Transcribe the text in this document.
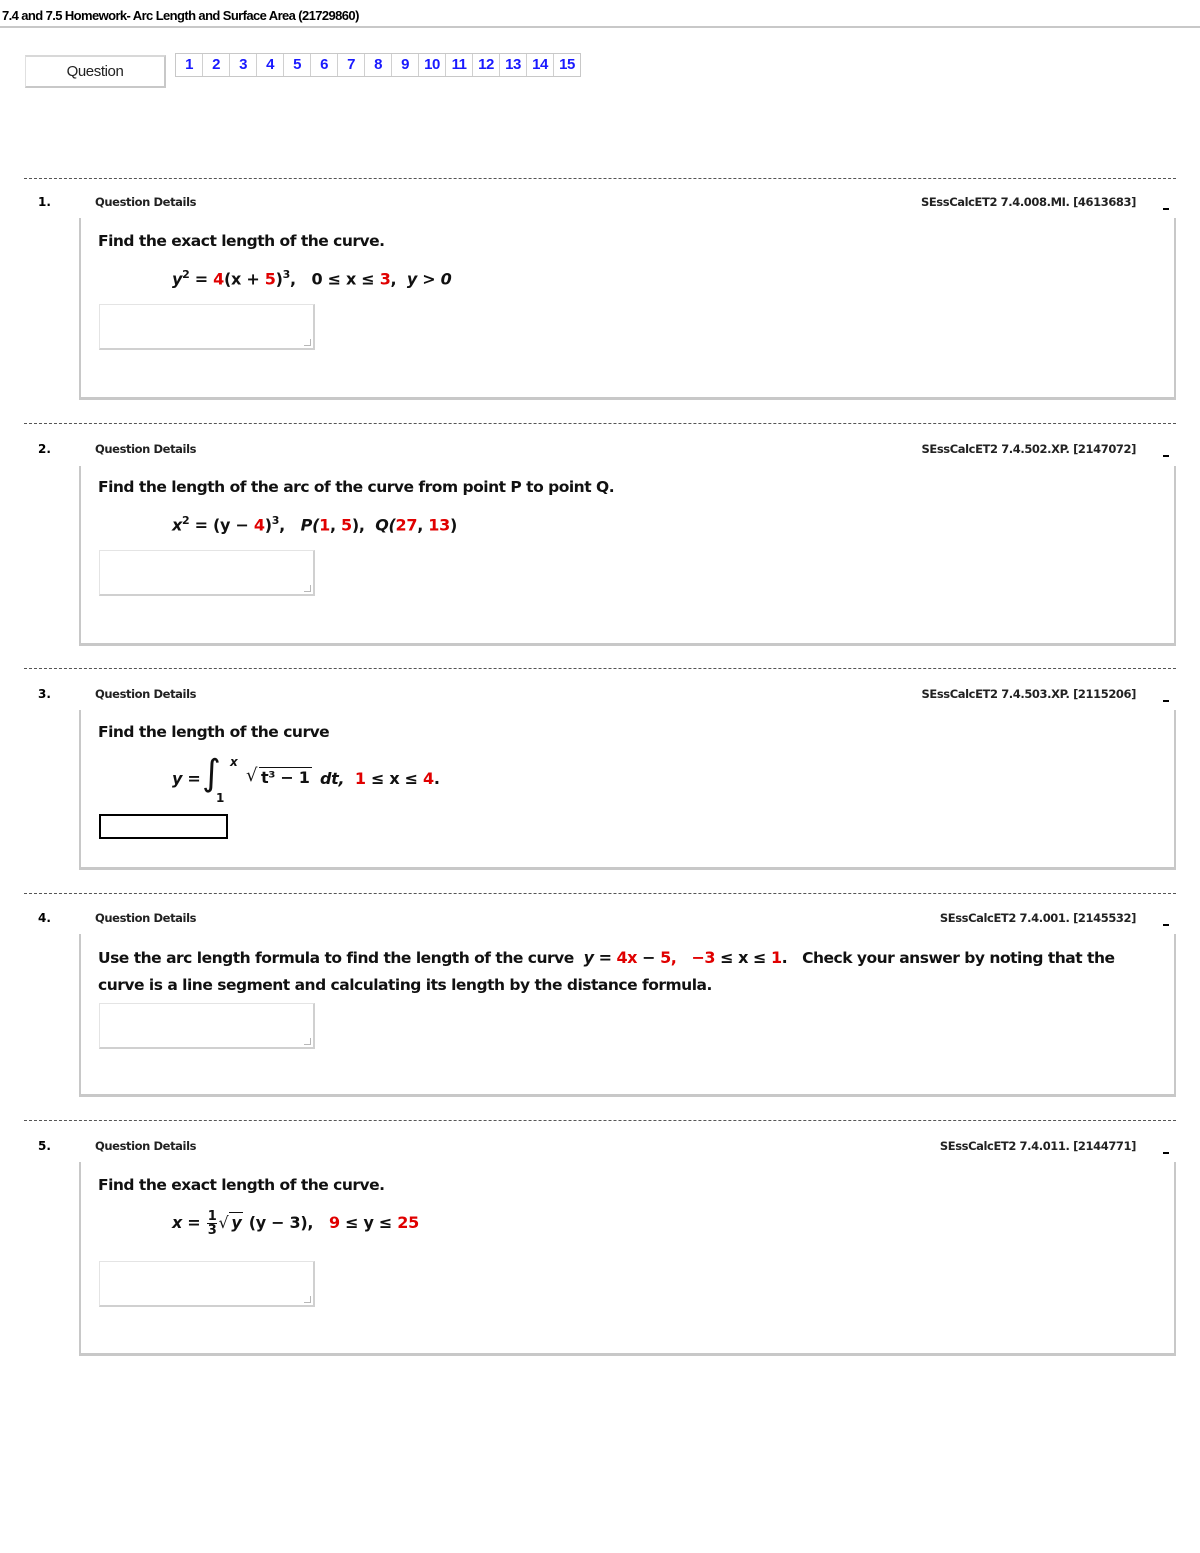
7.4 and 7.5 Homework- Arc Length and Surface Area (21729860)
Question	1	2	3	4	5	6	7	8	9	10 11 12 13 14 15
1.	Question Details	SEssCalcET2 7.4.008.MI. [4613683]
Find the exact length of the curve.
$y^2 = 4(x + 5)^3$,   0 ≤ x ≤ 3,  y > 0
2.	Question Details	SEssCalcET2 7.4.502.XP. [2147072]
Find the length of the arc of the curve from point P to point Q.
$x^2 = (y - 4)^3$,   P(1, 5), Q(27, 13)
3.	Question Details	SEssCalcET2 7.4.503.XP. [2115206]
Find the length of the curve
y = ∫ x
1
√ t³ − 1 dt, 1 ≤ x ≤ 4.
4.	Question Details	SEssCalcET2 7.4.001. [2145532]
Use the arc length formula to find the length of the curve y = 4x − 5, −3 ≤ x ≤ 1. Check your answer by noting that the
curve is a line segment and calculating its length by the distance formula.
5.	Question Details	SEssCalcET2 7.4.011. [2144771]
Find the exact length of the curve.
$x = \frac{1}{3}$ √ y (y − 3), 9 ≤ y ≤ 25
